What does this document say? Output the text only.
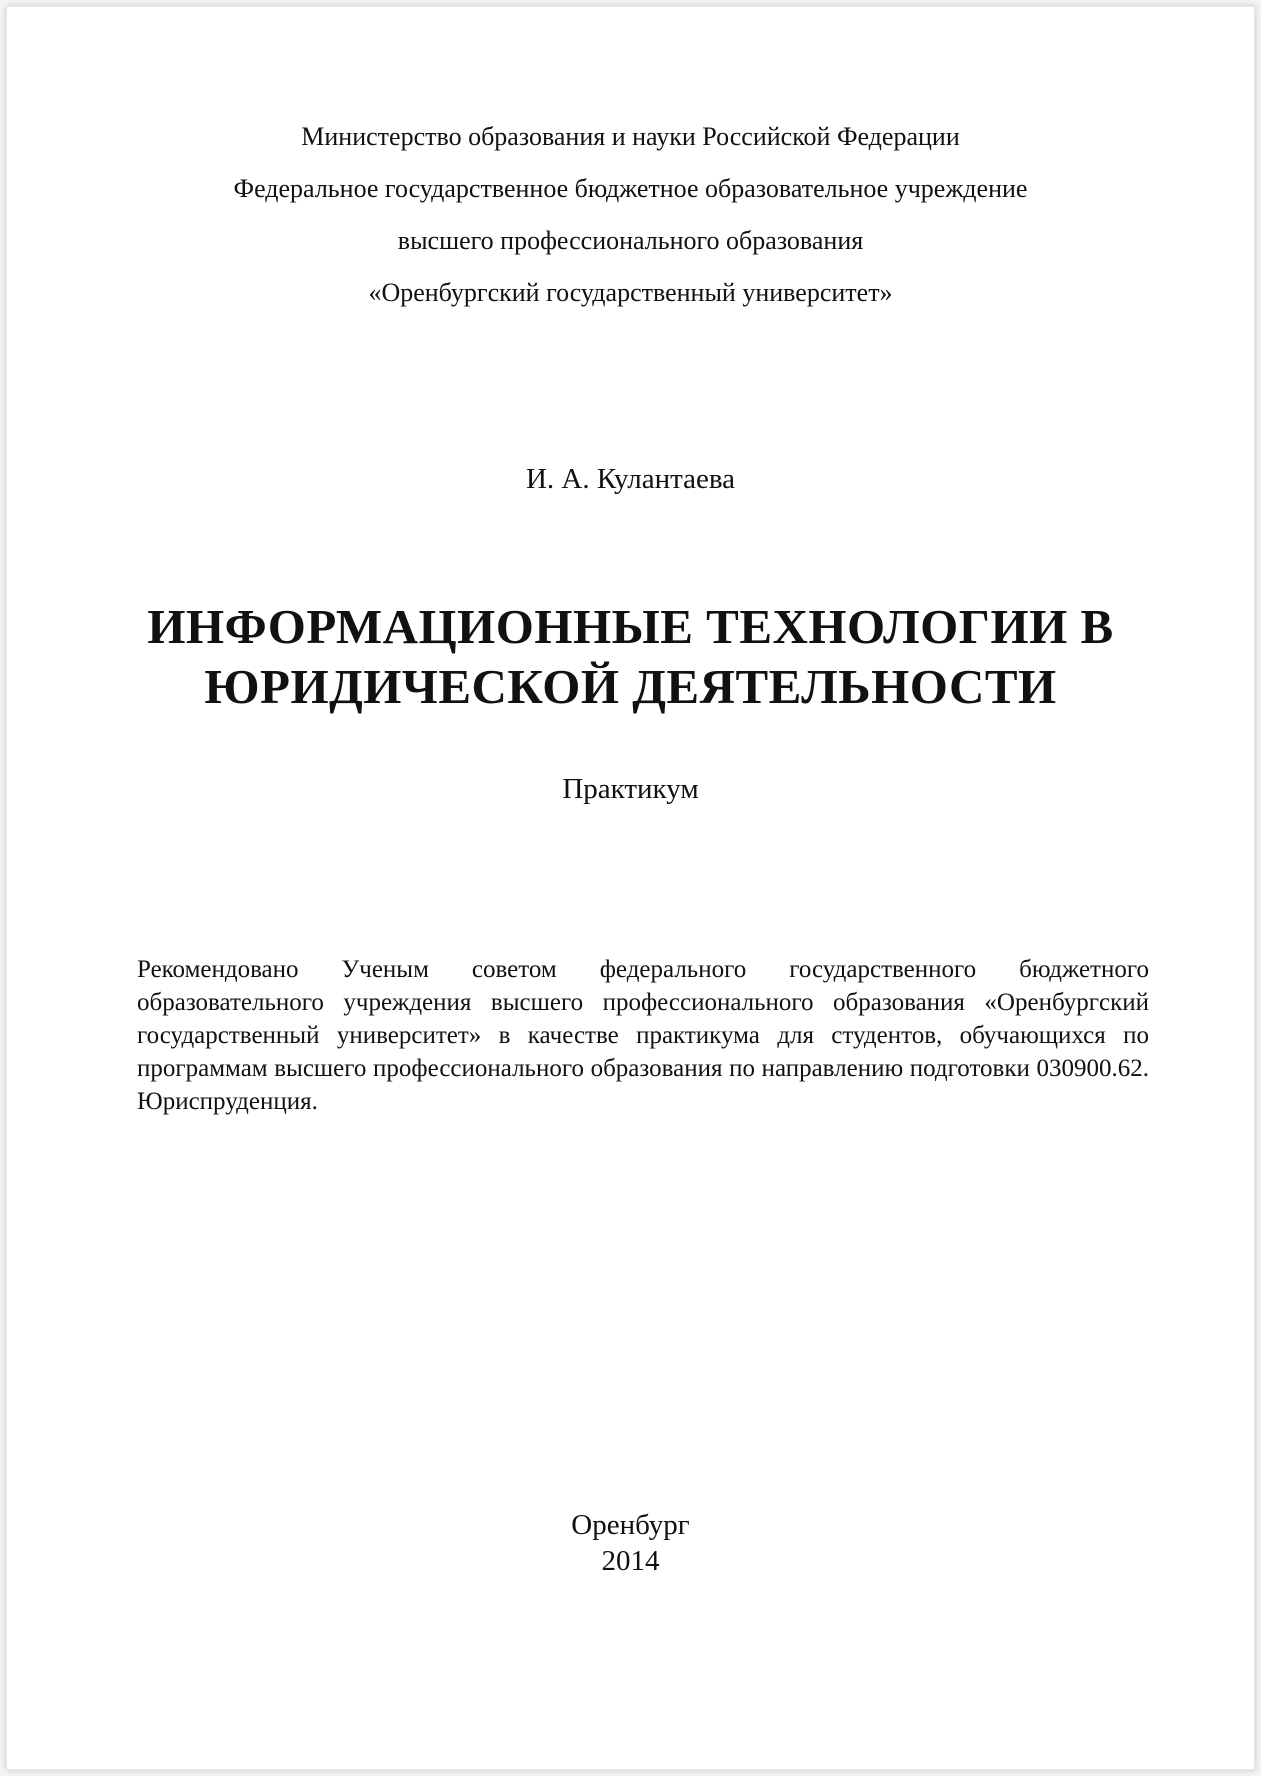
Министерство образования и науки Российской Федерации

Федеральное государственное бюджетное образовательное учреждение

высшего профессионального образования

«Оренбургский государственный университет»

И. А. Кулантаева
ИНФОРМАЦИОННЫЕ ТЕХНОЛОГИИ В
ЮРИДИЧЕСКОЙ ДЕЯТЕЛЬНОСТИ
Практикум
Рекомендовано Ученым советом федерального государственного бюджетного образовательного учреждения высшего профессионального образования «Оренбургский государственный университет» в качестве практикума для студентов, обучающихся по программам высшего профессионального образования по направлению подготовки 030900.62. Юриспруденция.
Оренбург
2014
